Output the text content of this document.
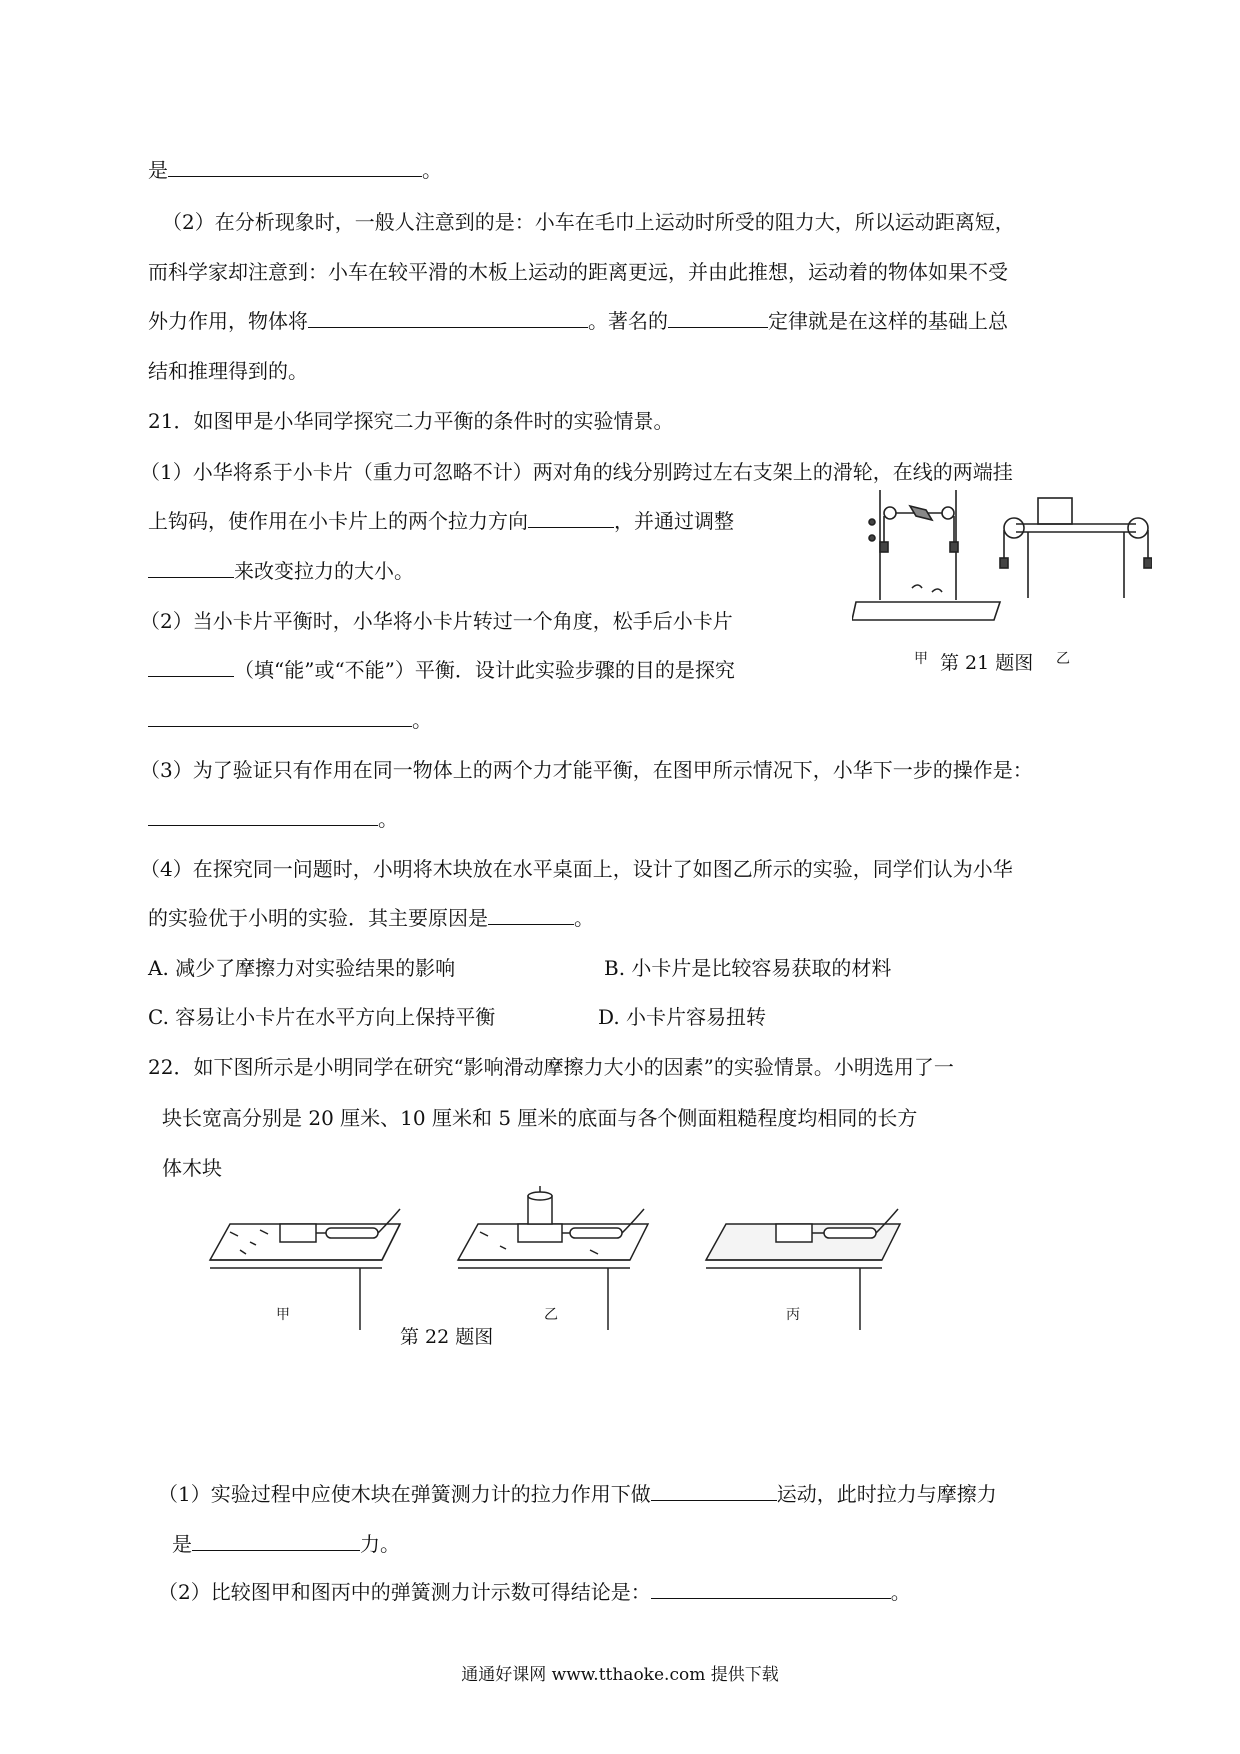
是	。
（2）在分析现象时，一般人注意到的是：小车在毛巾上运动时所受的阻力大，所以运动距离短，
而科学家却注意到：小车在较平滑的木板上运动的距离更远，并由此推想，运动着的物体如果不受
外力作用，物体将	。著名的	定律就是在这样的基础上总
结和推理得到的。
21．如图甲是小华同学探究二力平衡的条件时的实验情景。
（1）小华将系于小卡片（重力可忽略不计）两对角的线分别跨过左右支架上的滑轮，在线的两端挂
上钩码，使作用在小卡片上的两个拉力方向	，并通过调整
来改变拉力的大小。
（2）当小卡片平衡时，小华将小卡片转过一个角度，松手后小卡片
（填“能”或“不能”）平衡．设计此实验步骤的目的是探究
。
甲 第 21 题图 乙
（3）为了验证只有作用在同一物体上的两个力才能平衡，在图甲所示情况下，小华下一步的操作是：
。
（4）在探究同一问题时，小明将木块放在水平桌面上，设计了如图乙所示的实验，同学们认为小华
的实验优于小明的实验．其主要原因是	。
A. 减少了摩擦力对实验结果的影响	B. 小卡片是比较容易获取的材料
C. 容易让小卡片在水平方向上保持平衡	D. 小卡片容易扭转
22．如下图所示是小明同学在研究“影响滑动摩擦力大小的因素”的实验情景。小明选用了一
块长宽高分别是 20 厘米、10 厘米和 5 厘米的底面与各个侧面粗糙程度均相同的长方
体木块
甲
第 22 题图
乙	丙
（1）实验过程中应使木块在弹簧测力计的拉力作用下做	运动，此时拉力与摩擦力
是	力。
（2）比较图甲和图丙中的弹簧测力计示数可得结论是：	。
通通好课网 www.tthaoke.com 提供下载
